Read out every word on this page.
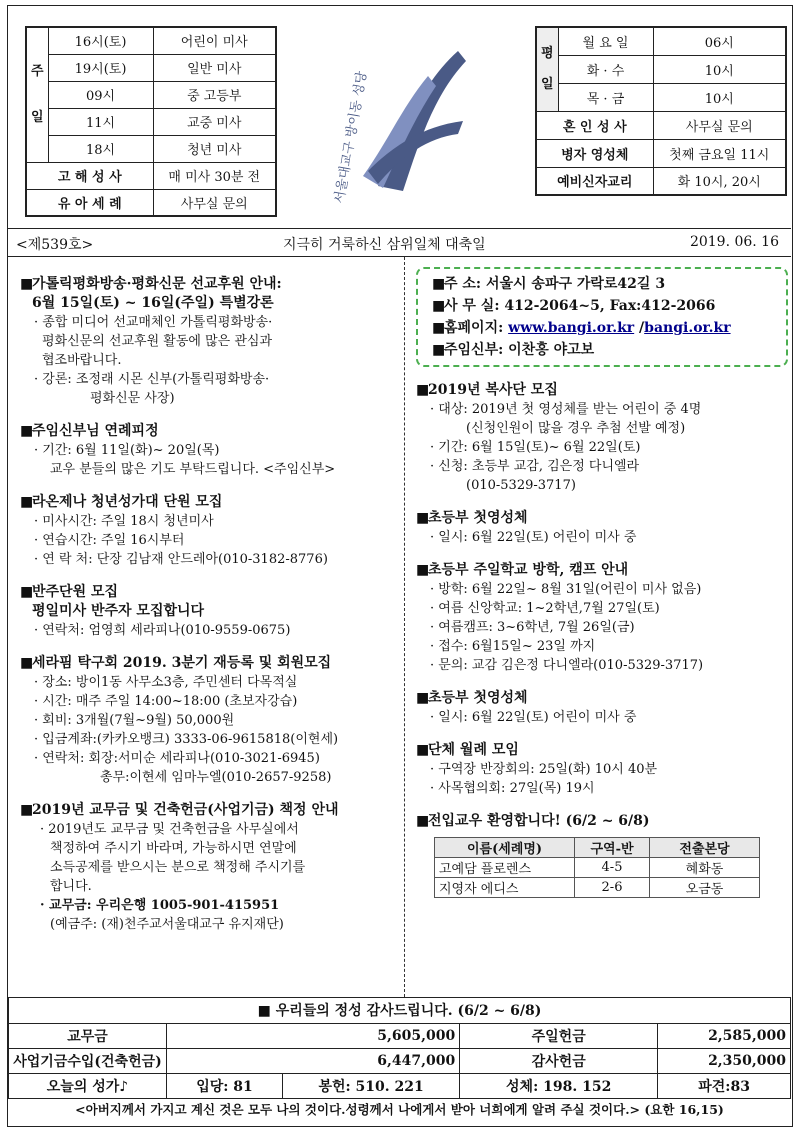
주

일	16시(토)	어린이 미사
	19시(토)	일반 미사
	09시	중 고등부
	11시	교중 미사
	18시	청년 미사
고 해 성 사		매 미사 30분 전
유 아 세 례		사무실 문의	서울대교구 방이동 성당
평

일	월 요 일	06시
	화 · 수	10시
	목 · 금	10시
혼 인 성 사		사무실 문의
병자 영성체		첫째 금요일 11시
예비신자교리		화 10시, 20시
<제539호>	지극히 거룩하신 삼위일체 대축일	2019. 06. 16
■가톨릭평화방송·평화신문 선교후원 안내:
6월 15일(토) ~ 16일(주일) 특별강론
· 종합 미디어 선교매체인 가톨릭평화방송·
평화신문의 선교후원 활동에 많은 관심과
협조바랍니다.
· 강론: 조정래 시몬 신부(가톨릭평화방송·
평화신문 사장)
■주임신부님 연례피정
· 기간: 6월 11일(화)~ 20일(목)
교우 분들의 많은 기도 부탁드립니다. <주임신부>
■라온제나 청년성가대 단원 모집
· 미사시간: 주일 18시 청년미사
· 연습시간: 주일 16시부터
· 연 락 처: 단장 김남재 안드레아(010-3182-8776)
■반주단원 모집
평일미사 반주자 모집합니다
· 연락처: 엄영희 세라피나(010-9559-0675)
■세라핌 탁구회 2019. 3분기 재등록 및 회원모집
· 장소: 방이1동 사무소3층, 주민센터 다목적실
· 시간: 매주 주일 14:00~18:00 (초보자강습)
· 회비: 3개월(7월~9월) 50,000원
· 입금계좌:(카카오뱅크) 3333-06-9615818(이현세)
· 연락처: 회장:서미순 세라피나(010-3021-6945)
총무:이현세 임마누엘(010-2657-9258)
■2019년 교무금 및 건축헌금(사업기금) 책정 안내
· 2019년도 교무금 및 건축헌금을 사무실에서
책정하여 주시기 바라며, 가능하시면 연말에
소득공제를 받으시는 분으로 책정해 주시기를
합니다.
· 교무금: 우리은행 1005-901-415951
(예금주: (재)천주교서울대교구 유지재단)
■주 소: 서울시 송파구 가락로42길 3
■사 무 실: 412-2064~5, Fax:412-2066
■홈페이지: www.bangi.or.kr /bangi.or.kr
■주임신부: 이찬홍 야고보
■2019년 복사단 모집
· 대상: 2019년 첫 영성체를 받는 어린이 중 4명
(신청인원이 많을 경우 추첨 선발 예정)
· 기간: 6월 15일(토)~ 6월 22일(토)
· 신청: 초등부 교감, 김은정 다니엘라
(010-5329-3717)
■초등부 첫영성체
· 일시: 6월 22일(토) 어린이 미사 중
■초등부 주일학교 방학, 캠프 안내
· 방학: 6월 22일~ 8월 31일(어린이 미사 없음)
· 여름 신앙학교: 1~2학년,7월 27일(토)
· 여름캠프: 3~6학년, 7월 26일(금)
· 접수: 6월15일~ 23일 까지
· 문의: 교감 김은정 다니엘라(010-5329-3717)
■초등부 첫영성체
· 일시: 6월 22일(토) 어린이 미사 중
■단체 월례 모임
· 구역장 반장회의: 25일(화) 10시 40분
· 사목협의회: 27일(목) 19시
■전입교우 환영합니다! (6/2 ~ 6/8)
이름(세례명)	구역-반	전출본당
고예담 플로렌스	4-5	혜화동
지영자 에디스	2-6	오금동
■ 우리들의 정성 감사드립니다. (6/2 ~ 6/8)				
교무금	5,605,000		주일헌금	2,585,000
사업기금수입(건축헌금)	6,447,000		감사헌금	2,350,000
오늘의 성가♪	입당: 81	봉헌: 510. 221	성체: 198. 152	파견:83
<아버지께서 가지고 계신 것은 모두 나의 것이다.성령께서 나에게서 받아 너희에게 알려 주실 것이다.> (요한 16,15)
